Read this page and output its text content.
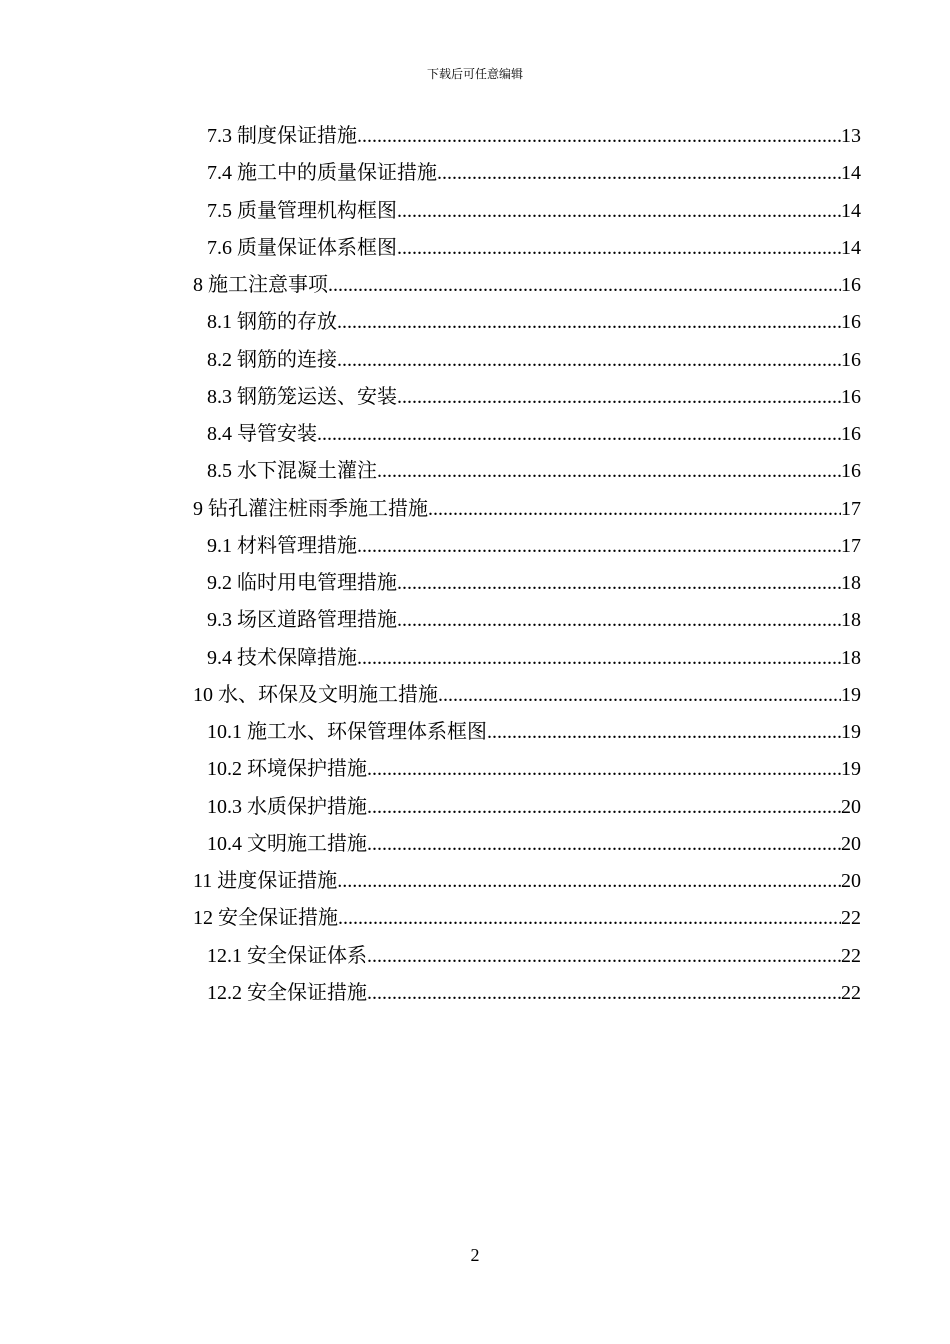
下载后可任意编辑
7.3 制度保证措施 .....	13
7.4 施工中的质量保证措施 .....	14
7.5 质量管理机构框图 .....	14
7.6 质量保证体系框图 .....	14
8 施工注意事项 .....	16
8.1 钢筋的存放 .....	16
8.2 钢筋的连接 .....	16
8.3 钢筋笼运送、安装 .....	16
8.4 导管安装 .....	16
8.5 水下混凝土灌注 .....	16
9 钻孔灌注桩雨季施工措施 .....	17
9.1 材料管理措施 .....	17
9.2 临时用电管理措施 .....	18
9.3 场区道路管理措施 .....	18
9.4 技术保障措施 .....	18
10 水、环保及文明施工措施 .....	19
10.1 施工水、环保管理体系框图 .....	19
10.2 环境保护措施 .....	19
10.3 水质保护措施 .....	20
10.4 文明施工措施 .....	20
11 进度保证措施 .....	20
12 安全保证措施 .....	22
12.1 安全保证体系 .....	22
12.2 安全保证措施 .....	22
2
